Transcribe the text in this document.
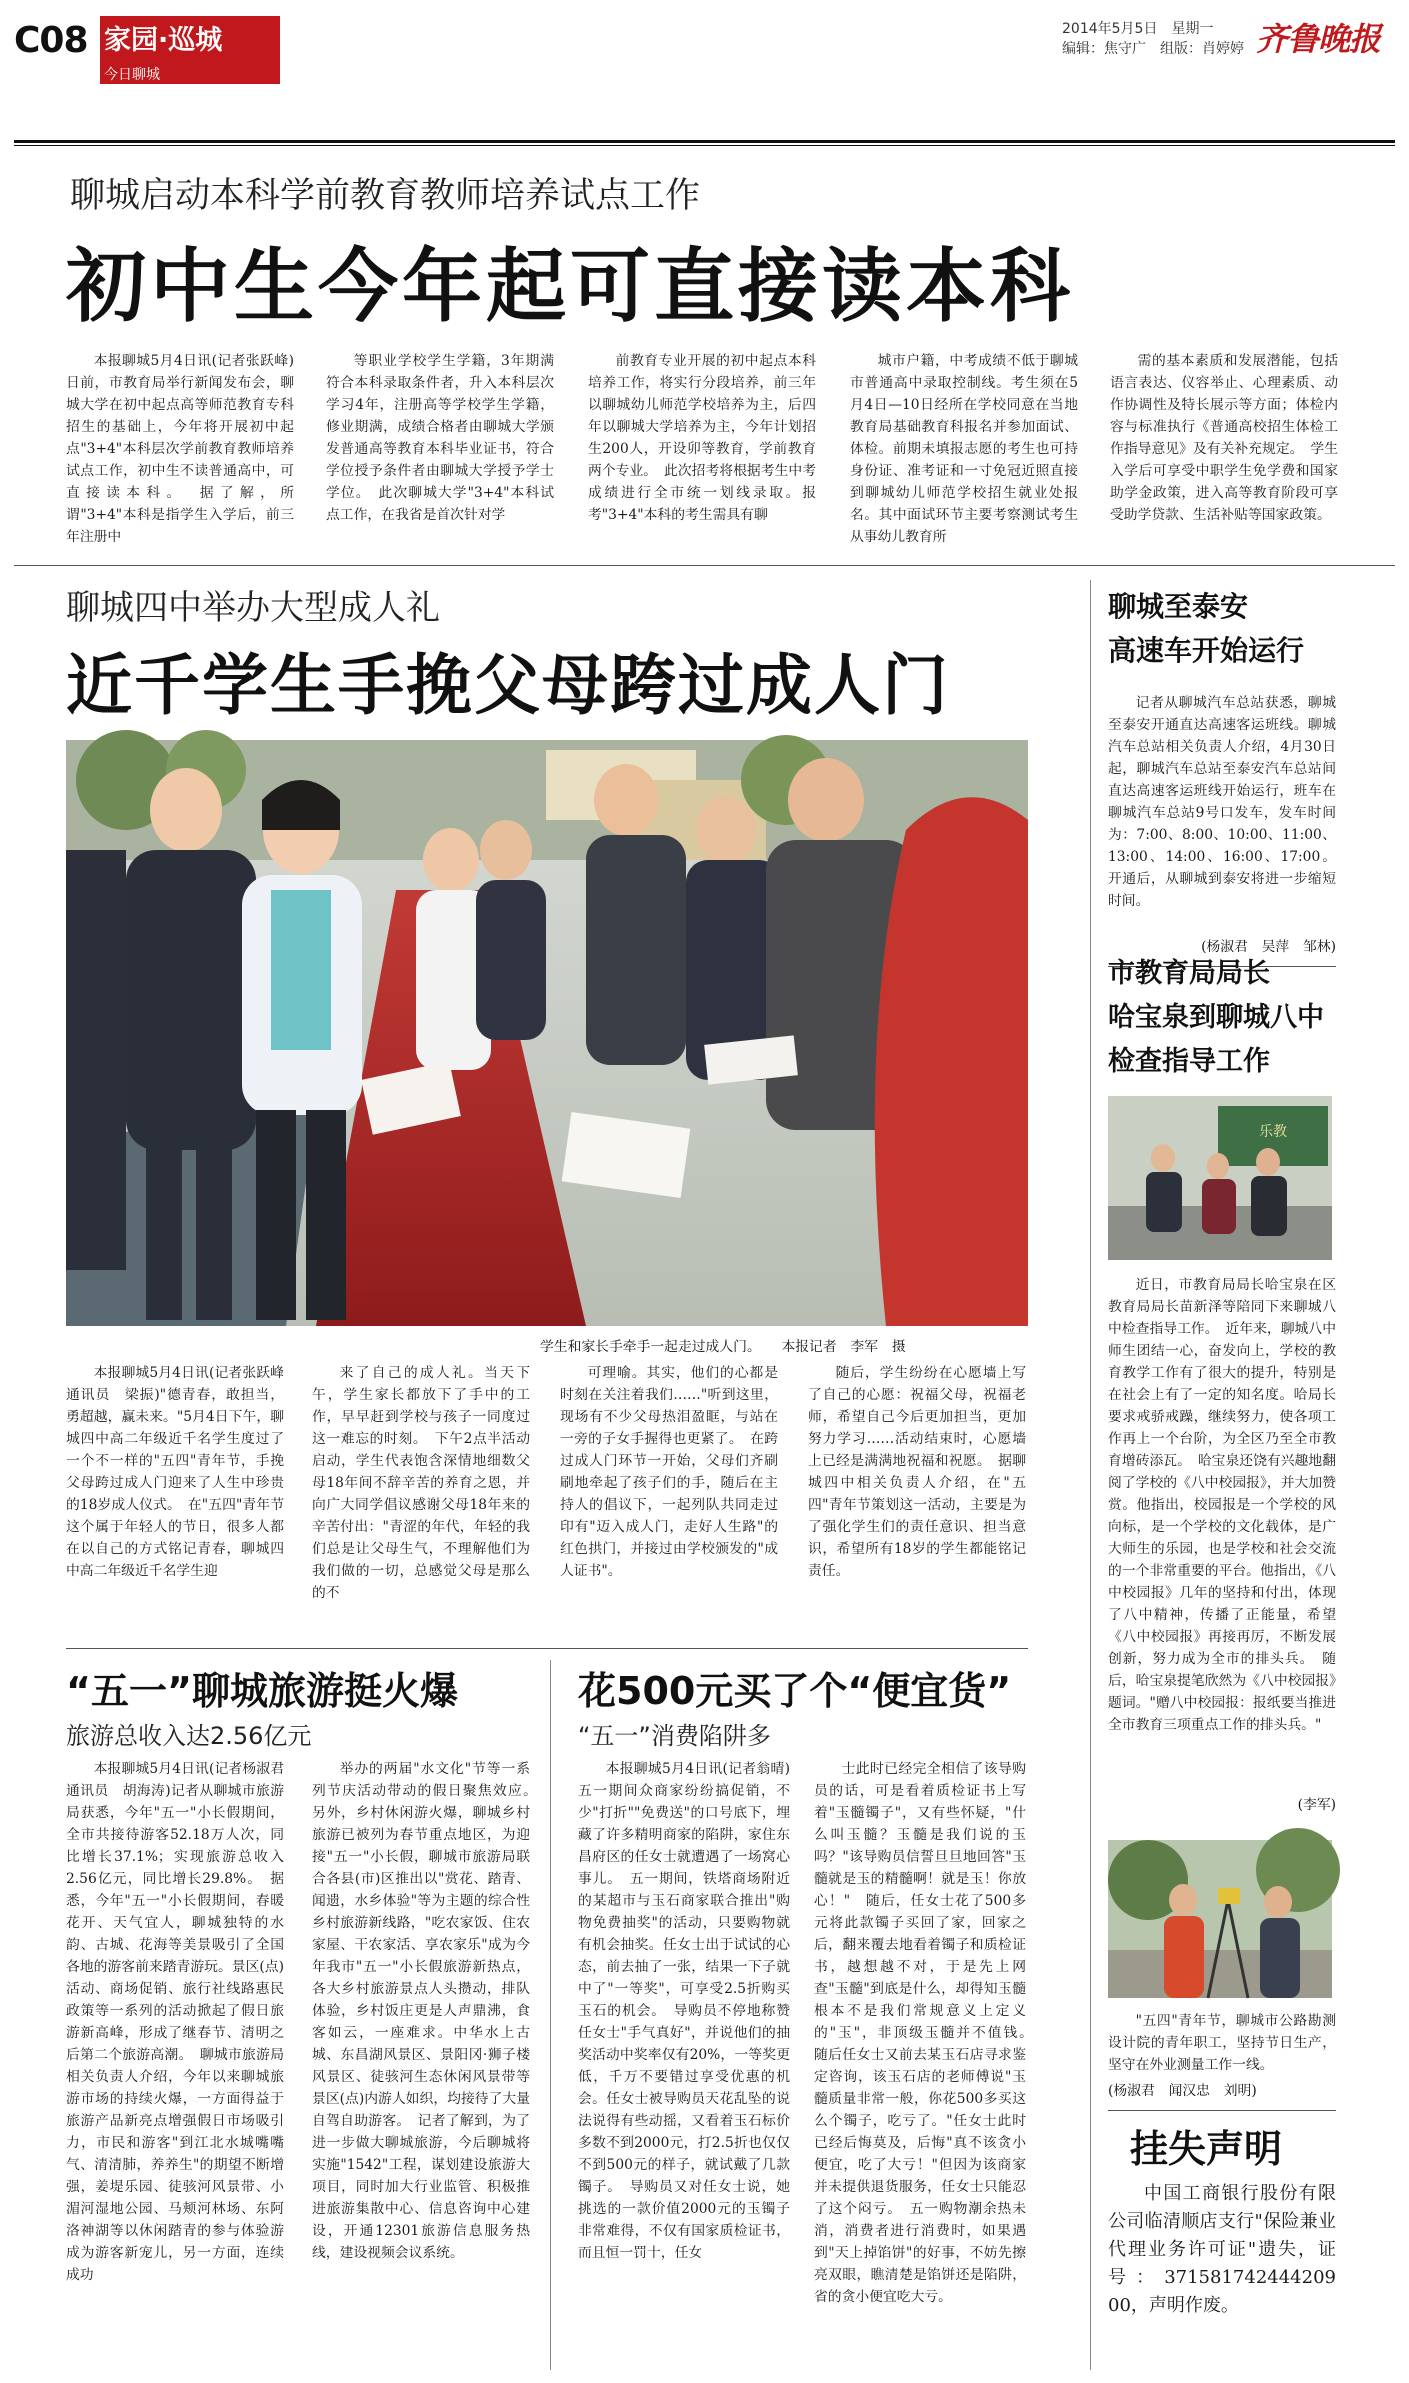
C08 家园·巡城
今日聊城
2014年5月5日　星期一
编辑：焦守广　组版：肖婷婷 齐鲁晚报
聊城启动本科学前教育教师培养试点工作
初中生今年起可直接读本科

本报聊城5月4日讯(记者张跃峰)日前，市教育局举行新闻发布会，聊城大学在初中起点高等师范教育专科招生的基础上，今年将开展初中起点"3+4"本科层次学前教育教师培养试点工作，初中生不读普通高中，可直接读本科。　据了解，所谓"3+4"本科是指学生入学后，前三年注册中

等职业学校学生学籍，3年期满符合本科录取条件者，升入本科层次学习4年，注册高等学校学生学籍，修业期满，成绩合格者由聊城大学颁发普通高等教育本科毕业证书，符合学位授予条件者由聊城大学授予学士学位。　此次聊城大学"3+4"本科试点工作，在我省是首次针对学

前教育专业开展的初中起点本科培养工作，将实行分段培养，前三年以聊城幼儿师范学校培养为主，后四年以聊城大学培养为主，今年计划招生200人，开设卯等教育，学前教育两个专业。　此次招考将根据考生中考成绩进行全市统一划线录取。报考"3+4"本科的考生需具有聊

城市户籍，中考成绩不低于聊城市普通高中录取控制线。考生须在5月4日—10日经所在学校同意在当地教育局基础教育科报名并参加面试、体检。前期未填报志愿的考生也可持身份证、准考证和一寸免冠近照直接到聊城幼儿师范学校招生就业处报名。其中面试环节主要考察测试考生从事幼儿教育所

需的基本素质和发展潜能，包括语言表达、仪容举止、心理素质、动作协调性及特长展示等方面；体检内容与标准执行《普通高校招生体检工作指导意见》及有关补充规定。　学生入学后可享受中职学生免学费和国家助学金政策，进入高等教育阶段可享受助学贷款、生活补贴等国家政策。

聊城四中举办大型成人礼
近千学生手挽父母跨过成人门
学生和家长手牵手一起走过成人门。　　本报记者　李军　摄

本报聊城5月4日讯(记者张跃峰　通讯员　梁振)"德青春，敢担当，勇超越，赢未来。"5月4日下午，聊城四中高二年级近千名学生度过了一个不一样的"五四"青年节，手挽父母跨过成人门迎来了人生中珍贵的18岁成人仪式。　在"五四"青年节这个属于年轻人的节日，很多人都在以自己的方式铭记青春，聊城四中高二年级近千名学生迎

来了自己的成人礼。当天下午，学生家长都放下了手中的工作，早早赶到学校与孩子一同度过这一难忘的时刻。　下午2点半活动启动，学生代表饱含深情地细数父母18年间不辞辛苦的养育之恩，并向广大同学倡议感谢父母18年来的辛苦付出："青涩的年代，年轻的我们总是让父母生气，不理解他们为我们做的一切，总感觉父母是那么的不

可理喻。其实，他们的心都是时刻在关注着我们……"听到这里，现场有不少父母热泪盈眶，与站在一旁的子女手握得也更紧了。　在跨过成人门环节一开始，父母们齐刷刷地牵起了孩子们的手，随后在主持人的倡议下，一起列队共同走过印有"迈入成人门，走好人生路"的红色拱门，并接过由学校颁发的"成人证书"。

随后，学生纷纷在心愿墙上写了自己的心愿：祝福父母，祝福老师，希望自己今后更加担当，更加努力学习……活动结束时，心愿墙上已经是满满地祝福和祝愿。　据聊城四中相关负责人介绍，在"五四"青年节策划这一活动，主要是为了强化学生们的责任意识、担当意识，希望所有18岁的学生都能铭记责任。

“五一”聊城旅游挺火爆
旅游总收入达2.56亿元

本报聊城5月4日讯(记者杨淑君　通讯员　胡海涛)记者从聊城市旅游局获悉，今年"五一"小长假期间，全市共接待游客52.18万人次，同比增长37.1%；实现旅游总收入2.56亿元，同比增长29.8%。　据悉，今年"五一"小长假期间，春暖花开、天气宜人，聊城独特的水韵、古城、花海等美景吸引了全国各地的游客前来踏青游玩。景区(点)活动、商场促销、旅行社线路惠民政策等一系列的活动掀起了假日旅游新高峰，形成了继春节、清明之后第二个旅游高潮。　聊城市旅游局相关负责人介绍，今年以来聊城旅游市场的持续火爆，一方面得益于旅游产品新亮点增强假日市场吸引力，市民和游客"到江北水城嘴嘴气、清清肺，养养生"的期望不断增强，姜堤乐园、徒骇河风景带、小湄河湿地公园、马颊河林场、东阿洛神湖等以休闲踏青的参与体验游成为游客新宠儿，另一方面，连续成功

举办的两届"水文化"节等一系列节庆活动带动的假日聚焦效应。　另外，乡村休闲游火爆，聊城乡村旅游已被列为春节重点地区，为迎接"五一"小长假，聊城市旅游局联合各县(市)区推出以"赏花、踏青、闻遗，水乡体验"等为主题的综合性乡村旅游新线路，"吃农家饭、住农家屋、干农家活、享农家乐"成为今年我市"五一"小长假旅游新热点，各大乡村旅游景点人头攒动，排队体验，乡村饭庄更是人声鼎沸，食客如云，一座难求。中华水上古城、东昌湖风景区、景阳冈·狮子楼风景区、徒骇河生态休闲风景带等景区(点)内游人如织，均接待了大量自驾自助游客。　记者了解到，为了进一步做大聊城旅游，今后聊城将实施"1542"工程，谋划建设旅游大项目，同时加大行业监管、积极推进旅游集散中心、信息咨询中心建设，开通12301旅游信息服务热线，建设视频会议系统。

花500元买了个“便宜货”
“五一”消费陷阱多

本报聊城5月4日讯(记者翁晴)　五一期间众商家纷纷搞促销，不少"打折""免费送"的口号底下，埋藏了许多精明商家的陷阱，家住东昌府区的任女士就遭遇了一场窝心事儿。　五一期间，铁塔商场附近的某超市与玉石商家联合推出"购物免费抽奖"的活动，只要购物就有机会抽奖。任女士出于试试的心态，前去抽了一张，结果一下子就中了"一等奖"，可享受2.5折购买玉石的机会。　导购员不停地称赞任女士"手气真好"，并说他们的抽奖活动中奖率仅有20%，一等奖更低，千万不要错过享受优惠的机会。任女士被导购员天花乱坠的说法说得有些动摇，又看着玉石标价多数不到2000元，打2.5折也仅仅不到500元的样子，就试戴了几款镯子。　导购员又对任女士说，她挑选的一款价值2000元的玉镯子非常难得，不仅有国家质检证书，而且恒一罚十，任女

士此时已经完全相信了该导购员的话，可是看着质检证书上写着"玉髓镯子"，又有些怀疑，"什么叫玉髓？玉髓是我们说的玉吗？"该导购员信誓旦旦地回答"玉髓就是玉的精髓啊！就是玉！你放心！"　随后，任女士花了500多元将此款镯子买回了家，回家之后，翻来覆去地看着镯子和质检证书，越想越不对，于是先上网查"玉髓"到底是什么，却得知玉髓根本不是我们常规意义上定义的"玉"，非顶级玉髓并不值钱。　随后任女士又前去某玉石店寻求鉴定咨询，该玉石店的老师傅说"玉髓质量非常一般，你花500多买这么个镯子，吃亏了。"任女士此时已经后悔莫及，后悔"真不该贪小便宜，吃了大亏！"但因为该商家并未提供退货服务，任女士只能忍了这个闷亏。　五一购物潮余热未消，消费者进行消费时，如果遇到"天上掉馅饼"的好事，不妨先擦亮双眼，瞧清楚是馅饼还是陷阱，省的贪小便宜吃大亏。

聊城至泰安
高速车开始运行

记者从聊城汽车总站获悉，聊城至泰安开通直达高速客运班线。聊城汽车总站相关负责人介绍，4月30日起，聊城汽车总站至泰安汽车总站间直达高速客运班线开始运行，班车在聊城汽车总站9号口发车，发车时间为：7:00、8:00、10:00、11:00、13:00、14:00、16:00、17:00。开通后，从聊城到泰安将进一步缩短时间。

(杨淑君　吴萍　邹林)
市教育局局长
哈宝泉到聊城八中
检查指导工作
乐教

近日，市教育局局长哈宝泉在区教育局局长苗新泽等陪同下来聊城八中检查指导工作。　近年来，聊城八中师生团结一心，奋发向上，学校的教育教学工作有了很大的提升，特别是在社会上有了一定的知名度。哈局长要求戒骄戒躁，继续努力，使各项工作再上一个台阶，为全区乃至全市教育增砖添瓦。　哈宝泉还饶有兴趣地翻阅了学校的《八中校园报》，并大加赞赏。他指出，校园报是一个学校的风向标，是一个学校的文化载体，是广大师生的乐园，也是学校和社会交流的一个非常重要的平台。他指出，《八中校园报》几年的坚持和付出，体现了八中精神，传播了正能量，希望《八中校园报》再接再厉，不断发展创新，努力成为全市的排头兵。　随后，哈宝泉提笔欣然为《八中校园报》题词。"赠八中校园报：报纸要当推进全市教育三项重点工作的排头兵。"

(李军)

"五四"青年节，聊城市公路勘测设计院的青年职工，坚持节日生产，坚守在外业测量工作一线。

(杨淑君　闻汉忠　刘明)
挂失声明

中国工商银行股份有限公司临清顺店支行"保险兼业代理业务许可证"遗失，证号：371581742444209 00，声明作废。
